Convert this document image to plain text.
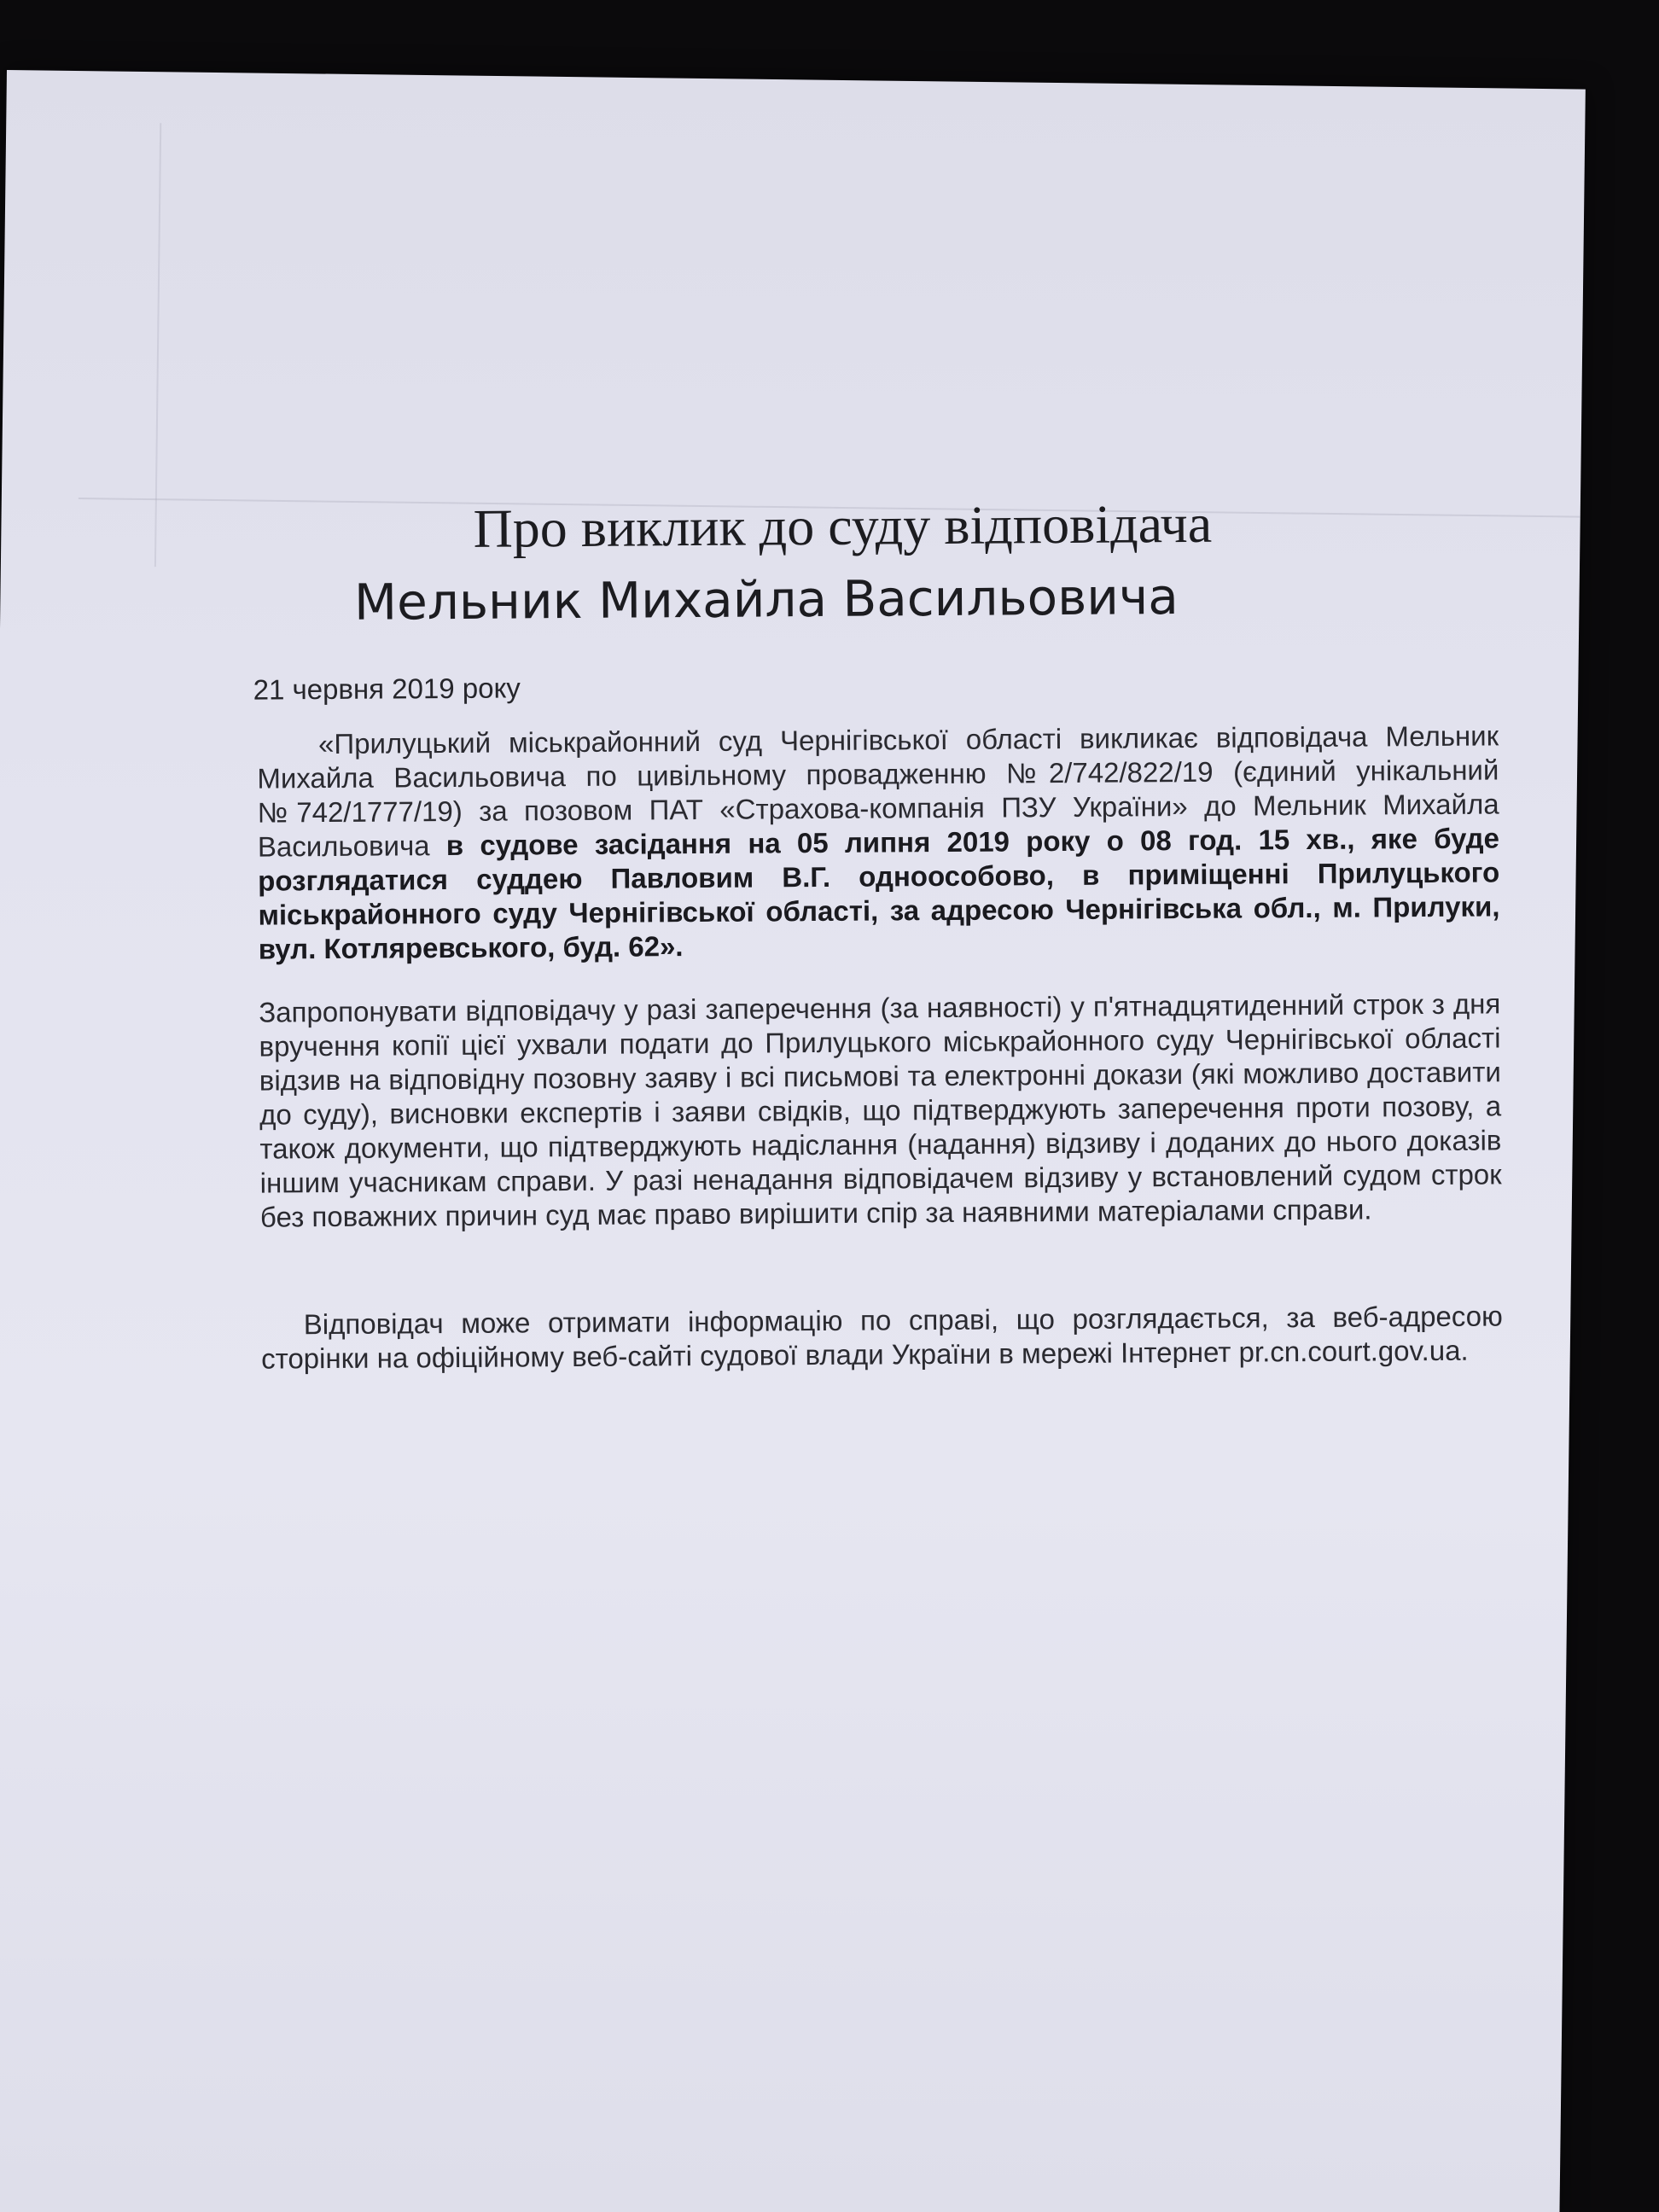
Про виклик до суду відповідача
Мельник Михайла Васильовича
21 червня 2019 року

«Прилуцький міськрайонний суд Чернігівської області викликає відповідача Мельник Михайла Васильовича по цивільному провадженню №2/742/822/19 (єдиний унікальний №742/1777/19) за позовом ПАТ «Страхова-компанія ПЗУ України» до Мельник Михайла Васильовича в судове засідання на 05 липня 2019 року о 08 год. 15 хв., яке буде розглядатися суддею Павловим В.Г. одноособово, в приміщенні Прилуцького міськрайонного суду Чернігівської області, за адресою Чернігівська обл., м. Прилуки, вул. Котляревського, буд. 62».

Запропонувати відповідачу у разі заперечення (за наявності) у п'ятнадцятиденний строк з дня вручення копії цієї ухвали подати до Прилуцького міськрайонного суду Чернігівської області відзив на відповідну позовну заяву і всі письмові та електронні докази (які можливо доставити до суду), висновки експертів і заяви свідків, що підтверджують заперечення проти позову, а також документи, що підтверджують надіслання (надання) відзиву і доданих до нього доказів іншим учасникам справи. У разі ненадання відповідачем відзиву у встановлений судом строк без поважних причин суд має право вирішити спір за наявними матеріалами справи.

Відповідач може отримати інформацію по справі, що розглядається, за веб-адресою сторінки на офіційному веб-сайті судової влади України в мережі Інтернет pr.cn.court.gov.ua.
